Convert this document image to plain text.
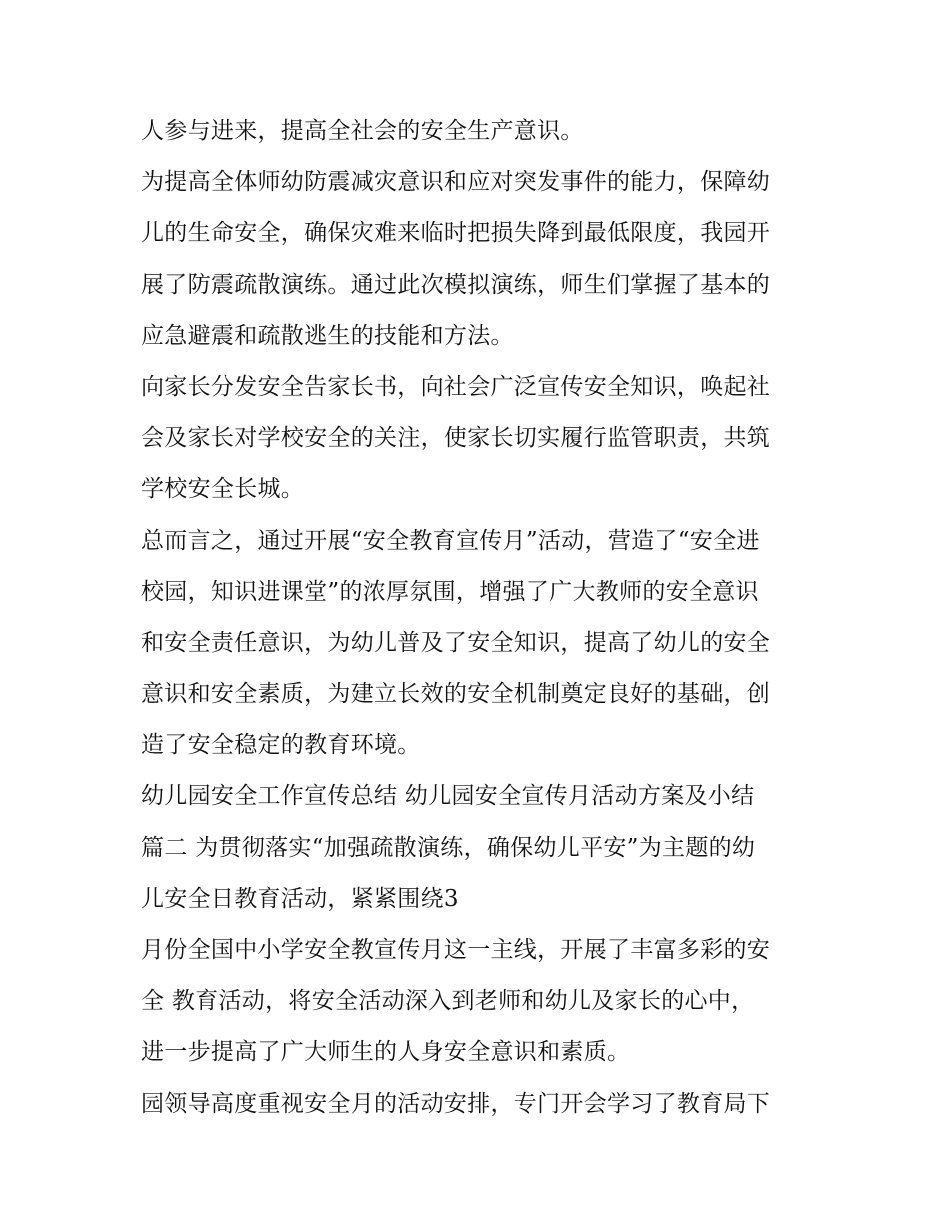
人参与进来，提高全社会的安全生产意识。
为提高全体师幼防震减灾意识和应对突发事件的能力，保障幼
儿的生命安全，确保灾难来临时把损失降到最低限度，我园开
展了防震疏散演练。通过此次模拟演练，师生们掌握了基本的
应急避震和疏散逃生的技能和方法。
向家长分发安全告家长书，向社会广泛宣传安全知识，唤起社
会及家长对学校安全的关注，使家长切实履行监管职责，共筑
学校安全长城。
总而言之，通过开展“安全教育宣传月”活动，营造了“安全进
校园，知识进课堂”的浓厚氛围，增强了广大教师的安全意识
和安全责任意识，为幼儿普及了安全知识，提高了幼儿的安全
意识和安全素质，为建立长效的安全机制奠定良好的基础，创
造了安全稳定的教育环境。
幼儿园安全工作宣传总结 幼儿园安全宣传月活动方案及小结
篇二 为贯彻落实“加强疏散演练，确保幼儿平安”为主题的幼
儿安全日教育活动，紧紧围绕3
月份全国中小学安全教宣传月这一主线，开展了丰富多彩的安
全 教育活动，将安全活动深入到老师和幼儿及家长的心中，
进一步提高了广大师生的人身安全意识和素质。
园领导高度重视安全月的活动安排，专门开会学习了教育局下
